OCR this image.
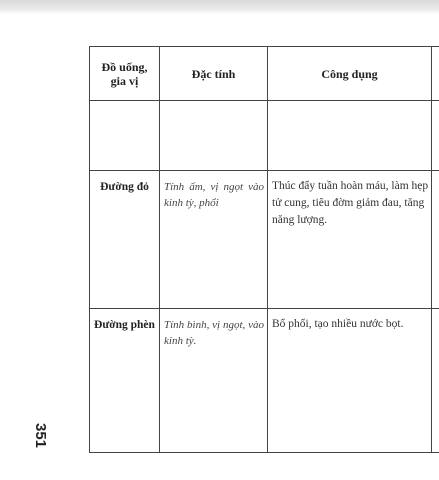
Đồ uống, gia vị	Đặc tính	Công dụng	

Đường đỏ	Tính ấm, vị ngọt vào kinh tỳ, phổi	Thúc đẩy tuần hoàn máu, làm hẹp tử cung, tiêu đờm giảm đau, tăng năng lượng.	

Đường phèn	Tính bình, vị ngọt, vào kinh tỳ.	Bổ phổi, tạo nhiều nước bọt.	

351
